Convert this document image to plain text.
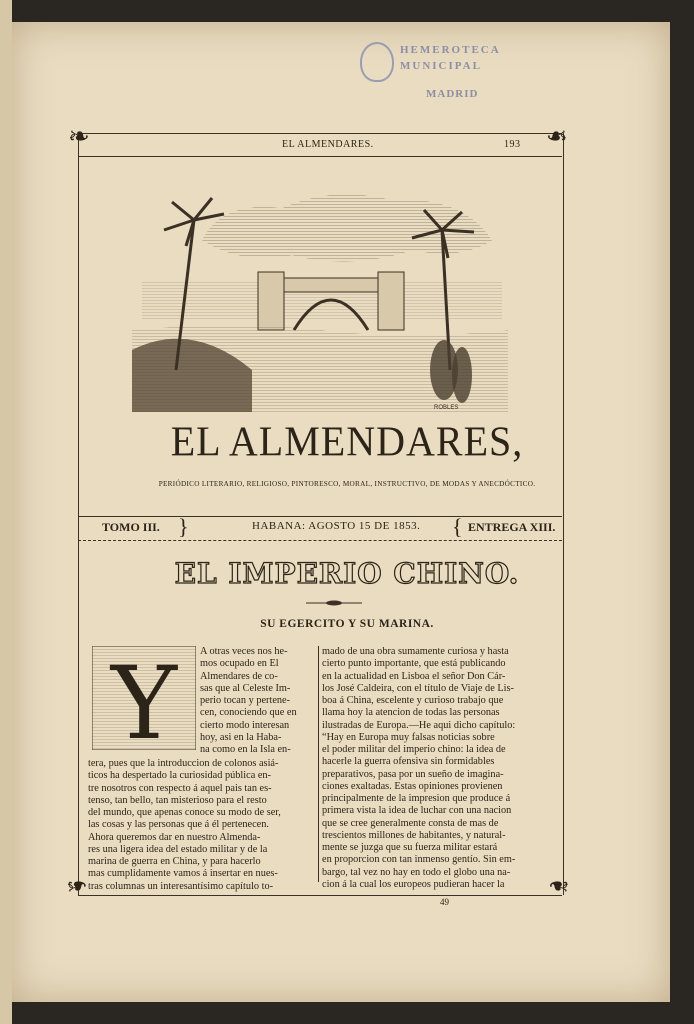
HEMEROTECA
MUNICIPAL
MADRID
❧	❧
❧	❧
EL ALMENDARES.	193
ROBLES
EL ALMENDARES,
PERIÓDICO LITERARIO, RELIGIOSO, PINTORESCO, MORAL, INSTRUCTIVO, DE MODAS Y ANECDÓCTICO.
TOMO III. }	HABANA: AGOSTO 15 DE 1853. { ENTREGA XIII.
EL IMPERIO CHINO.
SU EGERCITO Y SU MARINA.
Y A otras veces nos he-
mos ocupado en El
Almendares de co-
sas que al Celeste Im-
perio tocan y pertene-
cen, conociendo que en
cierto modo interesan
hoy, asi en la Haba-
na como en la Isla en-
tera, pues que la introduccion de colonos asiá-
ticos ha despertado la curiosidad pública en-
tre nosotros con respecto á aquel pais tan es-
tenso, tan bello, tan misterioso para el resto
del mundo, que apenas conoce su modo de ser,
las cosas y las personas que á él pertenecen.
Ahora queremos dar en nuestro Almenda-
res una ligera idea del estado militar y de la
marina de guerra en China, y para hacerlo
mas cumplidamente vamos á insertar en nues-
tras columnas un interesantísimo capítulo to-
mado de una obra sumamente curiosa y hasta
cierto punto importante, que está publicando
en la actualidad en Lisboa el señor Don Cár-
los José Caldeira, con el título de Viaje de Lis-
boa á China, escelente y curioso trabajo que
llama hoy la atencion de todas las personas
ilustradas de Europa.—He aqui dicho capítulo:
“Hay en Europa muy falsas noticias sobre
el poder militar del imperio chino: la idea de
hacerle la guerra ofensiva sin formidables
preparativos, pasa por un sueño de imagina-
ciones exaltadas. Estas opiniones provienen
principalmente de la impresion que produce á
primera vista la idea de luchar con una nacion
que se cree generalmente consta de mas de
trescientos millones de habitantes, y natural-
mente se juzga que su fuerza militar estará
en proporcion con tan inmenso gentío. Sin em-
bargo, tal vez no hay en todo el globo una na-
cion á la cual los europeos pudieran hacer la
49
